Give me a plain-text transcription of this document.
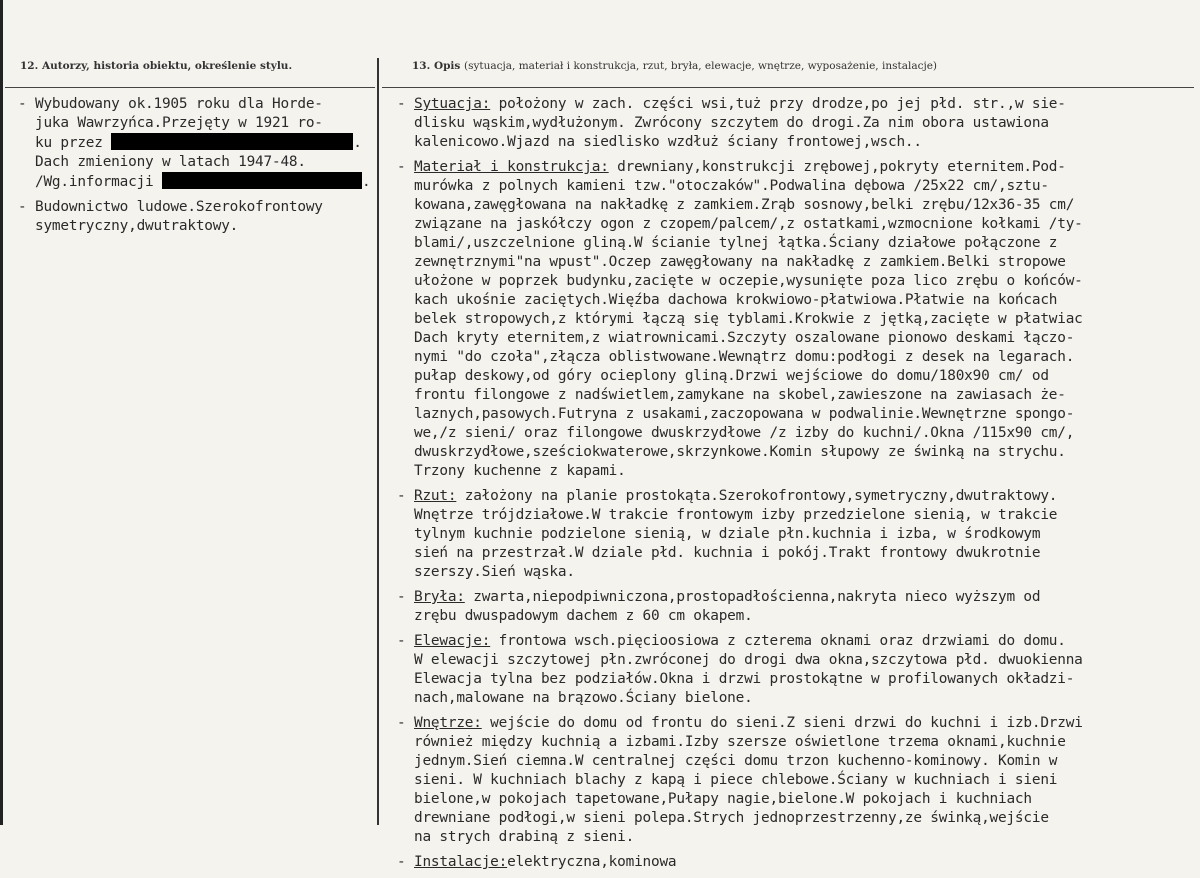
12. Autorzy, historia obiektu, określenie stylu.	13. Opis (sytuacja, materiał i konstrukcja, rzut, bryła, elewacje, wnętrze, wyposażenie, instalacje)
- Wybudowany ok.1905 roku dla Horde-
juka Wawrzyńca.Przejęty w 1921 ro-
ku przez	.
Dach zmieniony w latach 1947-48.
/Wg.informacji	.
- Budownictwo ludowe.Szerokofrontowy
symetryczny,dwutraktowy.
- Sytuacja: położony w zach. części wsi,tuż przy drodze,po jej płd. str.,w sie-
dlisku wąskim,wydłużonym. Zwrócony szczytem do drogi.Za nim obora ustawiona
kalenicowo.Wjazd na siedlisko wzdłuż ściany frontowej,wsch..
- Materiał i konstrukcja: drewniany,konstrukcji zrębowej,pokryty eternitem.Pod-
murówka z polnych kamieni tzw."otoczaków".Podwalina dębowa /25x22 cm/,sztu-
kowana,zawęgłowana na nakładkę z zamkiem.Zrąb sosnowy,belki zrębu/12x36-35 cm/
związane na jaskółczy ogon z czopem/palcem/,z ostatkami,wzmocnione kołkami /ty-
blami/,uszczelnione gliną.W ścianie tylnej łątka.Ściany działowe połączone z
zewnętrznymi"na wpust".Oczep zawęgłowany na nakładkę z zamkiem.Belki stropowe
ułożone w poprzek budynku,zacięte w oczepie,wysunięte poza lico zrębu o końców-
kach ukośnie zaciętych.Więźba dachowa krokwiowo-płatwiowa.Płatwie na końcach
belek stropowych,z którymi łączą się tyblami.Krokwie z jętką,zacięte w płatwiac
Dach kryty eternitem,z wiatrownicami.Szczyty oszalowane pionowo deskami łączo-
nymi "do czoła",złącza oblistwowane.Wewnątrz domu:podłogi z desek na legarach.
pułap deskowy,od góry ocieplony gliną.Drzwi wejściowe do domu/180x90 cm/ od
frontu filongowe z nadświetlem,zamykane na skobel,zawieszone na zawiasach że-
laznych,pasowych.Futryna z usakami,zaczopowana w podwalinie.Wewnętrzne spongo-
we,/z sieni/ oraz filongowe dwuskrzydłowe /z izby do kuchni/.Okna /115x90 cm/,
dwuskrzydłowe,sześciokwaterowe,skrzynkowe.Komin słupowy ze świnką na strychu.
Trzony kuchenne z kapami.
- Rzut: założony na planie prostokąta.Szerokofrontowy,symetryczny,dwutraktowy.
Wnętrze trójdziałowe.W trakcie frontowym izby przedzielone sienią, w trakcie
tylnym kuchnie podzielone sienią, w dziale płn.kuchnia i izba, w środkowym
sień na przestrzał.W dziale płd. kuchnia i pokój.Trakt frontowy dwukrotnie
szerszy.Sień wąska.
- Bryła: zwarta,niepodpiwniczona,prostopadłościenna,nakryta nieco wyższym od
zrębu dwuspadowym dachem z 60 cm okapem.
- Elewacje: frontowa wsch.pięcioosiowa z czterema oknami oraz drzwiami do domu.
W elewacji szczytowej płn.zwróconej do drogi dwa okna,szczytowa płd. dwuokienna
Elewacja tylna bez podziałów.Okna i drzwi prostokątne w profilowanych okładzi-
nach,malowane na brązowo.Ściany bielone.
- Wnętrze: wejście do domu od frontu do sieni.Z sieni drzwi do kuchni i izb.Drzwi
również między kuchnią a izbami.Izby szersze oświetlone trzema oknami,kuchnie
jednym.Sień ciemna.W centralnej części domu trzon kuchenno-kominowy. Komin w
sieni. W kuchniach blachy z kapą i piece chlebowe.Ściany w kuchniach i sieni
bielone,w pokojach tapetowane,Pułapy nagie,bielone.W pokojach i kuchniach
drewniane podłogi,w sieni polepa.Strych jednoprzestrzenny,ze świnką,wejście
na strych drabiną z sieni.
- Instalacje:elektryczna,kominowa
